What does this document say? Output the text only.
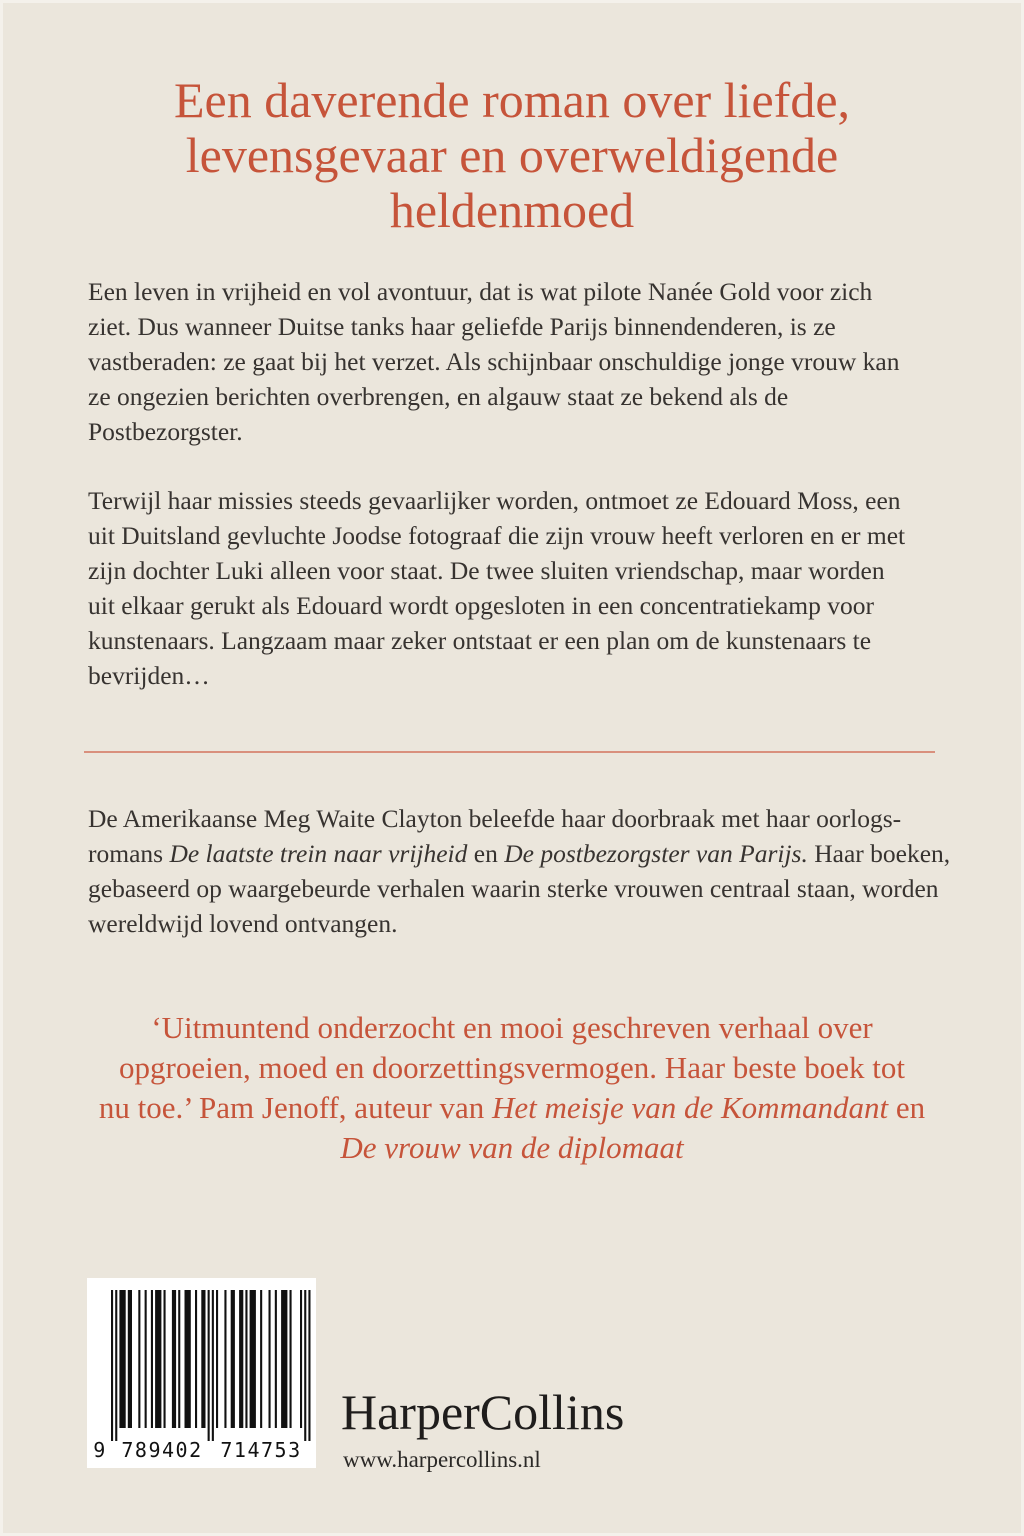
Een daverende roman over liefde,
levensgevaar en overweldigende
heldenmoed
Een leven in vrijheid en vol avontuur, dat is wat pilote Nanée Gold voor zich
ziet. Dus wanneer Duitse tanks haar geliefde Parijs binnendenderen, is ze
vastberaden: ze gaat bij het verzet. Als schijnbaar onschuldige jonge vrouw kan
ze ongezien berichten overbrengen, en algauw staat ze bekend als de
Postbezorgster.
Terwijl haar missies steeds gevaarlijker worden, ontmoet ze Edouard Moss, een
uit Duitsland gevluchte Joodse fotograaf die zijn vrouw heeft verloren en er met
zijn dochter Luki alleen voor staat. De twee sluiten vriendschap, maar worden
uit elkaar gerukt als Edouard wordt opgesloten in een concentratiekamp voor
kunstenaars. Langzaam maar zeker ontstaat er een plan om de kunstenaars te
bevrijden…
De Amerikaanse Meg Waite Clayton beleefde haar doorbraak met haar oorlogs-
romans De laatste trein naar vrijheid en De postbezorgster van Parijs. Haar boeken,
gebaseerd op waargebeurde verhalen waarin sterke vrouwen centraal staan, worden
wereldwijd lovend ontvangen.
‘Uitmuntend onderzocht en mooi geschreven verhaal over
opgroeien, moed en doorzettingsvermogen. Haar beste boek tot
nu toe.’ Pam Jenoff, auteur van Het meisje van de Kommandant en
De vrouw van de diplomaat
9 789402 714753
HarperCollins
www.harpercollins.nl
